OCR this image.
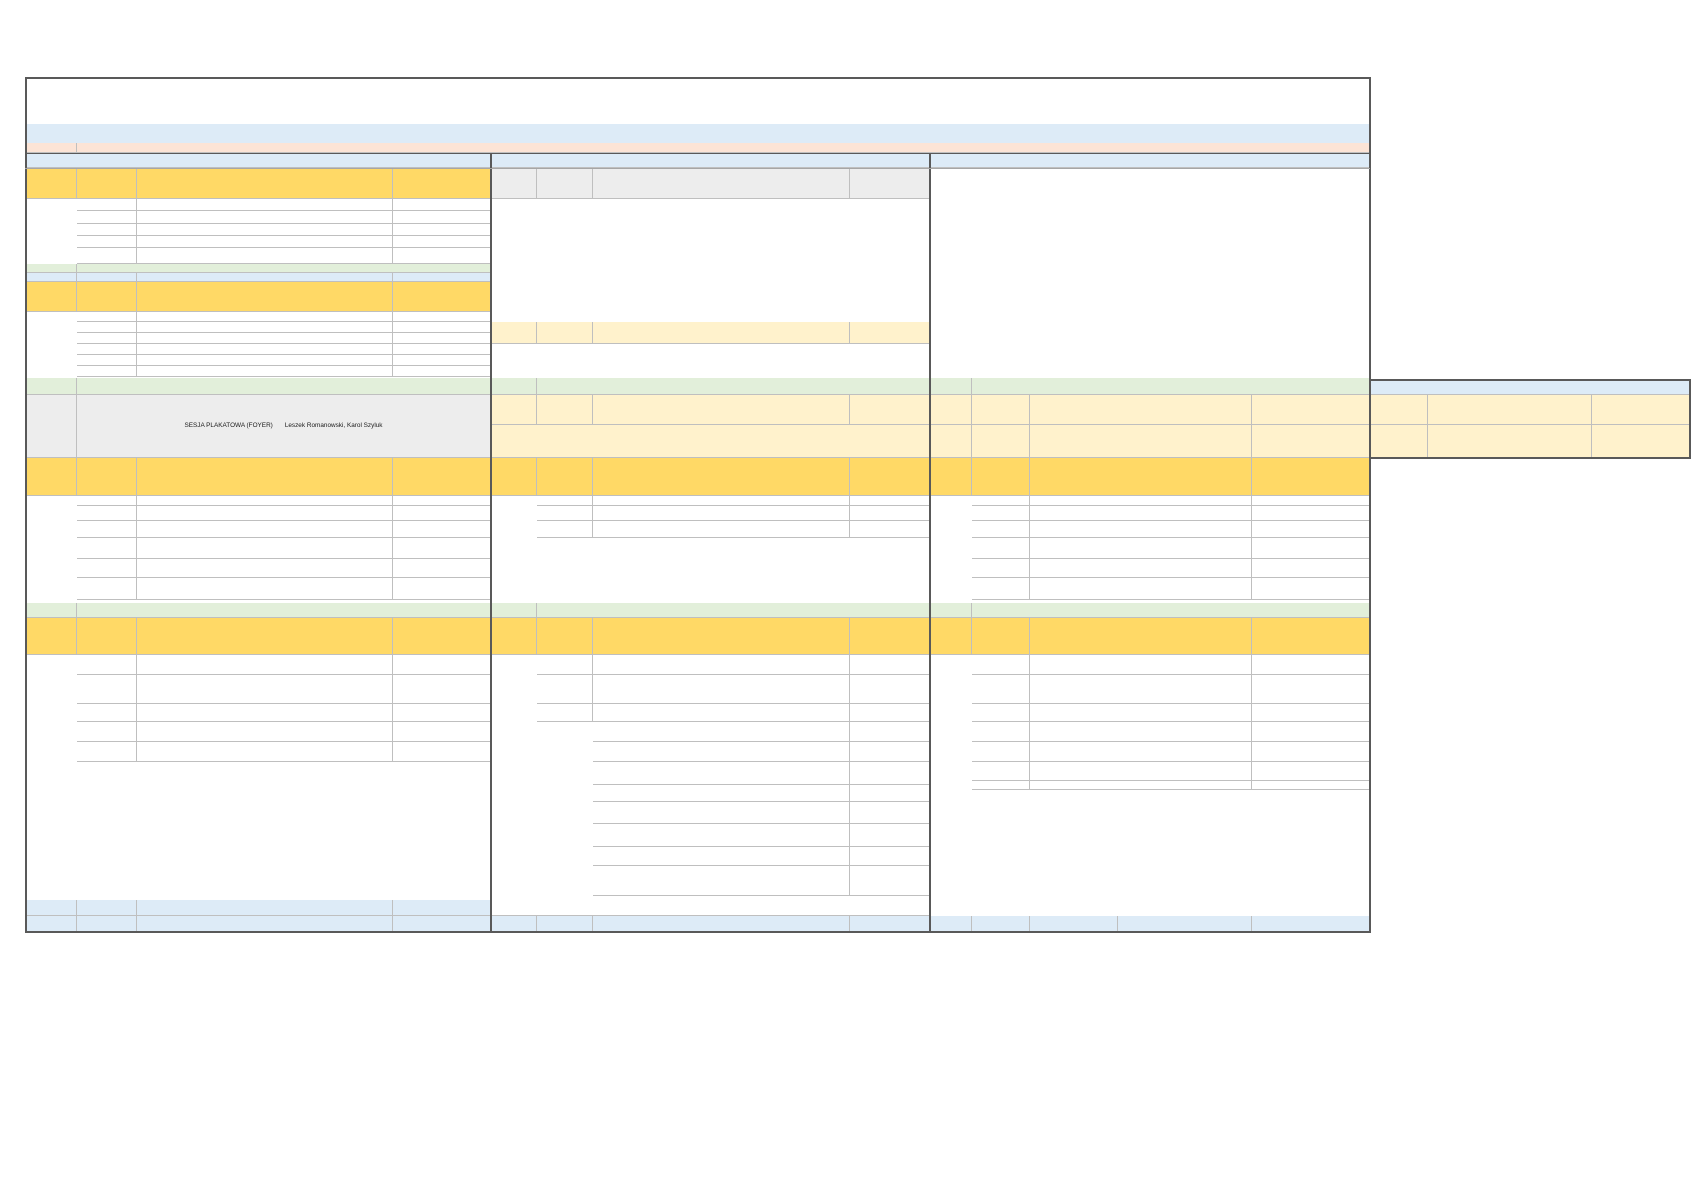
SESJA PLAKATOWA (FOYER) Leszek Romanowski, Karol Szyluk
